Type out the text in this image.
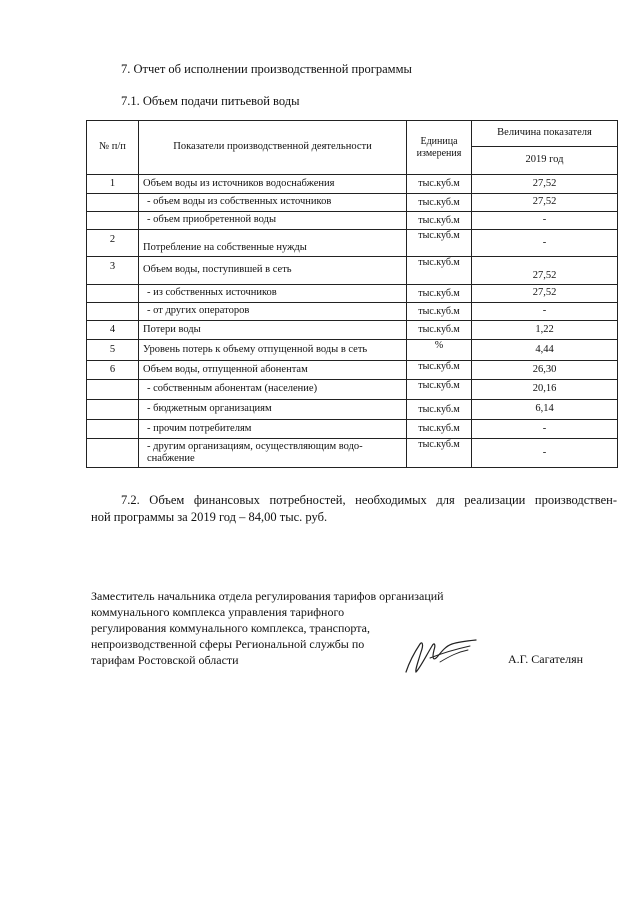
7. Отчет об исполнении производственной программы
7.1. Объем подачи питьевой воды
№ п/п	Показатели производственной деятельности	Единица измерения	Величина показателя
			2019 год
1	Объем воды из источников водоснабжения	тыс.куб.м	27,52
	- объем воды из собственных источников	тыс.куб.м	27,52
	- объем приобретенной воды	тыс.куб.м	-
2	Потребление на собственные нужды	тыс.куб.м	-
3	Объем воды, поступившей в сеть	тыс.куб.м	27,52
	- из собственных источников	тыс.куб.м	27,52
	- от других операторов	тыс.куб.м	-
4	Потери воды	тыс.куб.м	1,22
5	Уровень потерь к объему отпущенной воды в сеть	%	4,44
6	Объем воды, отпущенной абонентам	тыс.куб.м	26,30
	- собственным абонентам (население)	тыс.куб.м	20,16
	- бюджетным организациям	тыс.куб.м	6,14
	- прочим потребителям	тыс.куб.м	-
	- другим организациям, осуществляющим водо-снабжение	тыс.куб.м	-
7.2. Объем финансовых потребностей, необходимых для реализации производствен-
ной программы за 2019 год – 84,00 тыс. руб.
Заместитель начальника отдела регулирования тарифов организаций
коммунального комплекса управления тарифного
регулирования коммунального комплекса, транспорта,
непроизводственной сферы Региональной службы по
тарифам Ростовской области	А.Г. Сагателян
